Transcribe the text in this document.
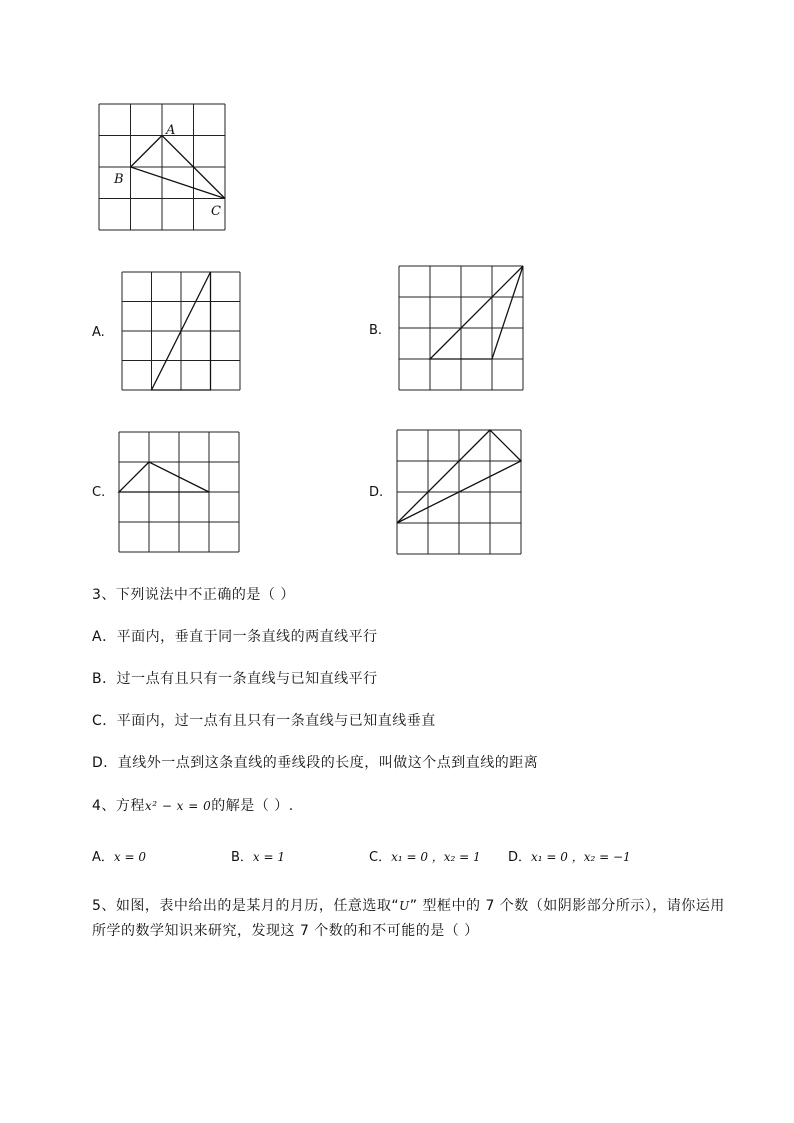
A
B
C
A.	B.
C.	D.
3、下列说法中不正确的是（ ）
A．平面内，垂直于同一条直线的两直线平行
B．过一点有且只有一条直线与已知直线平行
C．平面内，过一点有且只有一条直线与已知直线垂直
D．直线外一点到这条直线的垂线段的长度，叫做这个点到直线的距离
4、方程x² − x = 0的解是（ ）.
A．x = 0	B．x = 1	C．x₁ = 0 ，x₂ = 1 D．x₁ = 0 ，x₂ = −1
5、如图，表中给出的是某月的月历，任意选取“U” 型框中的 7 个数（如阴影部分所示），请你运用
所学的数学知识来研究，发现这 7 个数的和不可能的是（ ）
